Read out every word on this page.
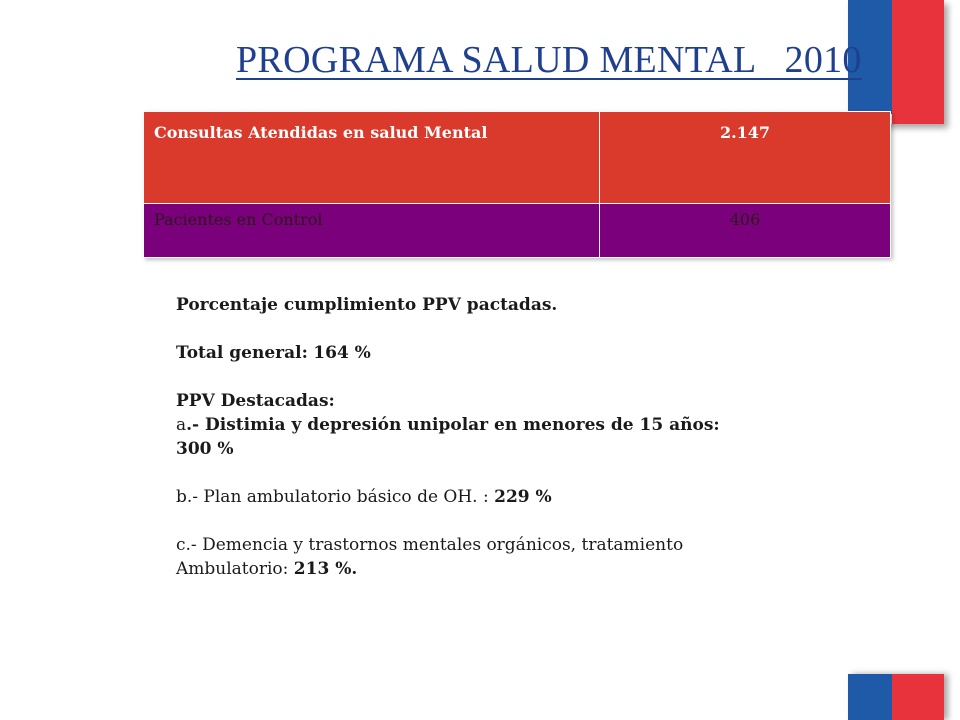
PROGRAMA SALUD MENTAL   2010
Consultas Atendidas en salud Mental	2.147
Pacientes en Control	406

Porcentaje cumplimiento PPV pactadas.

Total general: 164 %

PPV Destacadas:

a.- Distimia y depresión unipolar en menores de 15 años:

300 %

b.- Plan ambulatorio básico de OH. : 229 %

c.- Demencia y trastornos mentales orgánicos, tratamiento

Ambulatorio: 213 %.
